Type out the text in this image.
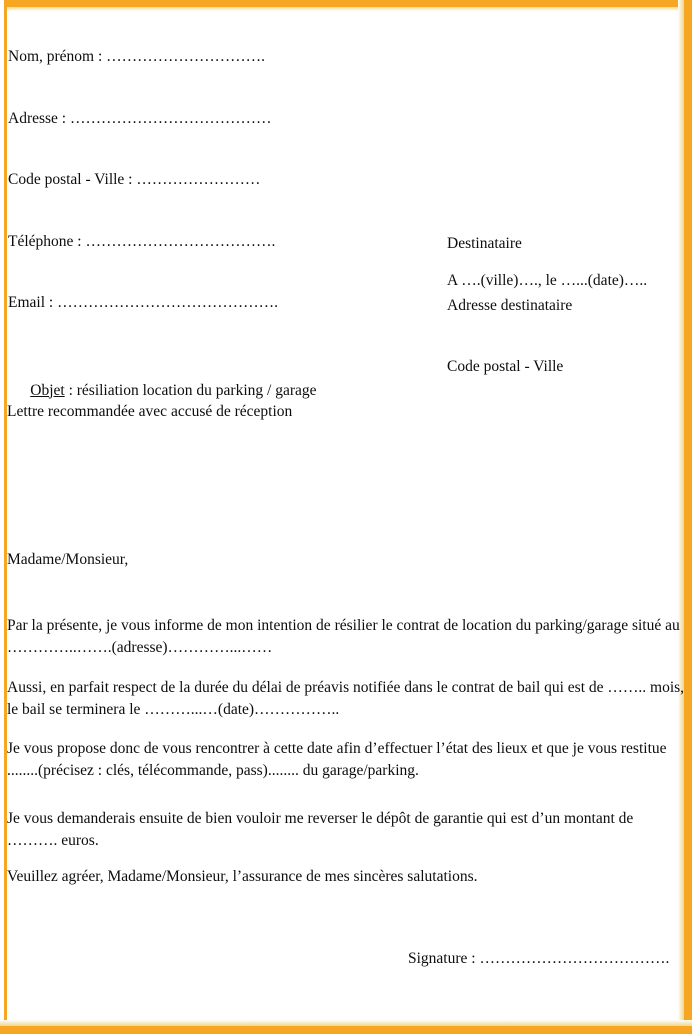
Nom, prénom : ………………………….

Adresse : …………………………………

Code postal - Ville : ……………………

Téléphone : ……………………………….

Email : …………………………………….

Destinataire

Adresse destinataire

Code postal - Ville

A ….(ville)…., le …...(date)…..

Objet : résiliation location du parking / garage

Lettre recommandée avec accusé de réception
Madame/Monsieur,
Par la présente, je vous informe de mon intention de résilier le contrat de location du parking/garage situé au …………..…….(adresse)…………...……
Aussi, en parfait respect de la durée du délai de préavis notifiée dans le contrat de bail qui est de …….. mois, le bail se terminera le ………...…(date)……………..
Je vous propose donc de vous rencontrer à cette date afin d’effectuer l’état des lieux et que je vous restitue ........(précisez : clés, télécommande, pass)........ du garage/parking.
Je vous demanderais ensuite de bien vouloir me reverser le dépôt de garantie qui est d’un montant de ………. euros.
Veuillez agréer, Madame/Monsieur, l’assurance de mes sincères salutations.
Signature : ……………………………….
